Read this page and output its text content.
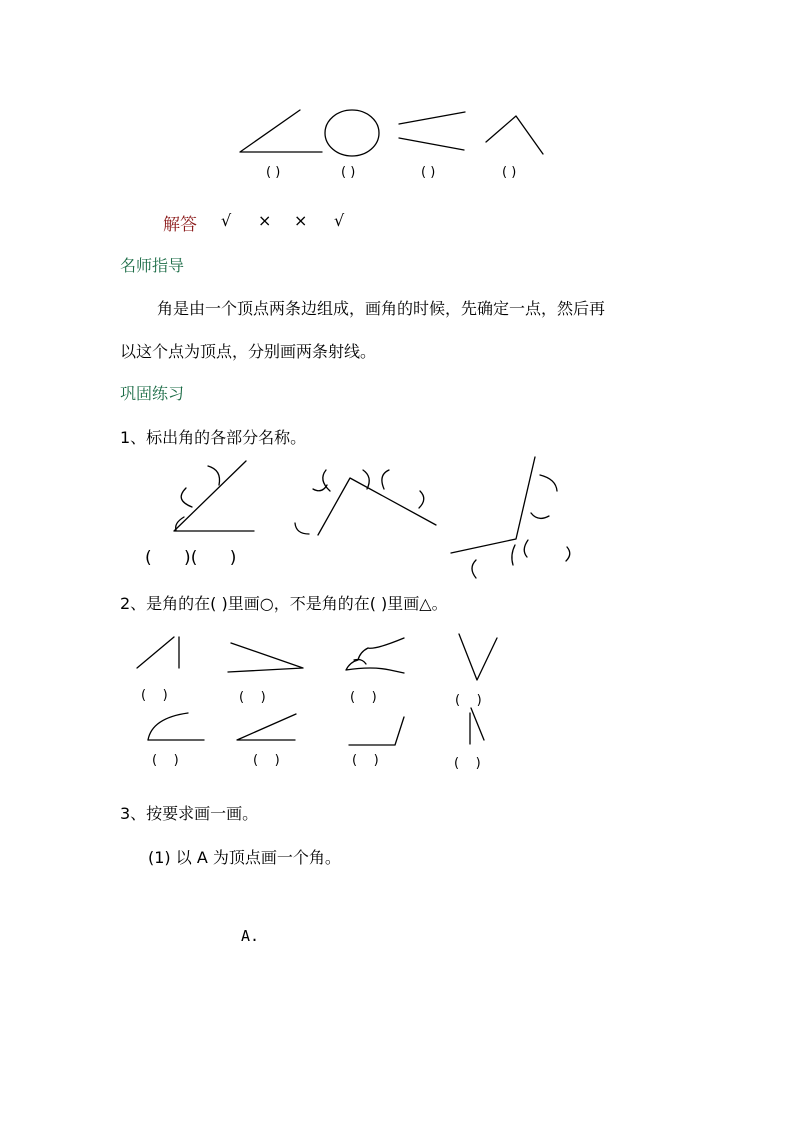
( )	( )	( )	( )
解答 √ × × √
名师指导
角是由一个顶点两条边组成，画角的时候，先确定一点，然后再
以这个点为顶点，分别画两条射线。
巩固练习
1、标出角的各部分名称。
(      )(      )
2、是角的在( )里画○，不是角的在( )里画△。
(    )	(    )	(    )	(    )
(    )	(    )	(    )	(    )
3、按要求画一画。
(1) 以 A 为顶点画一个角。
A.
